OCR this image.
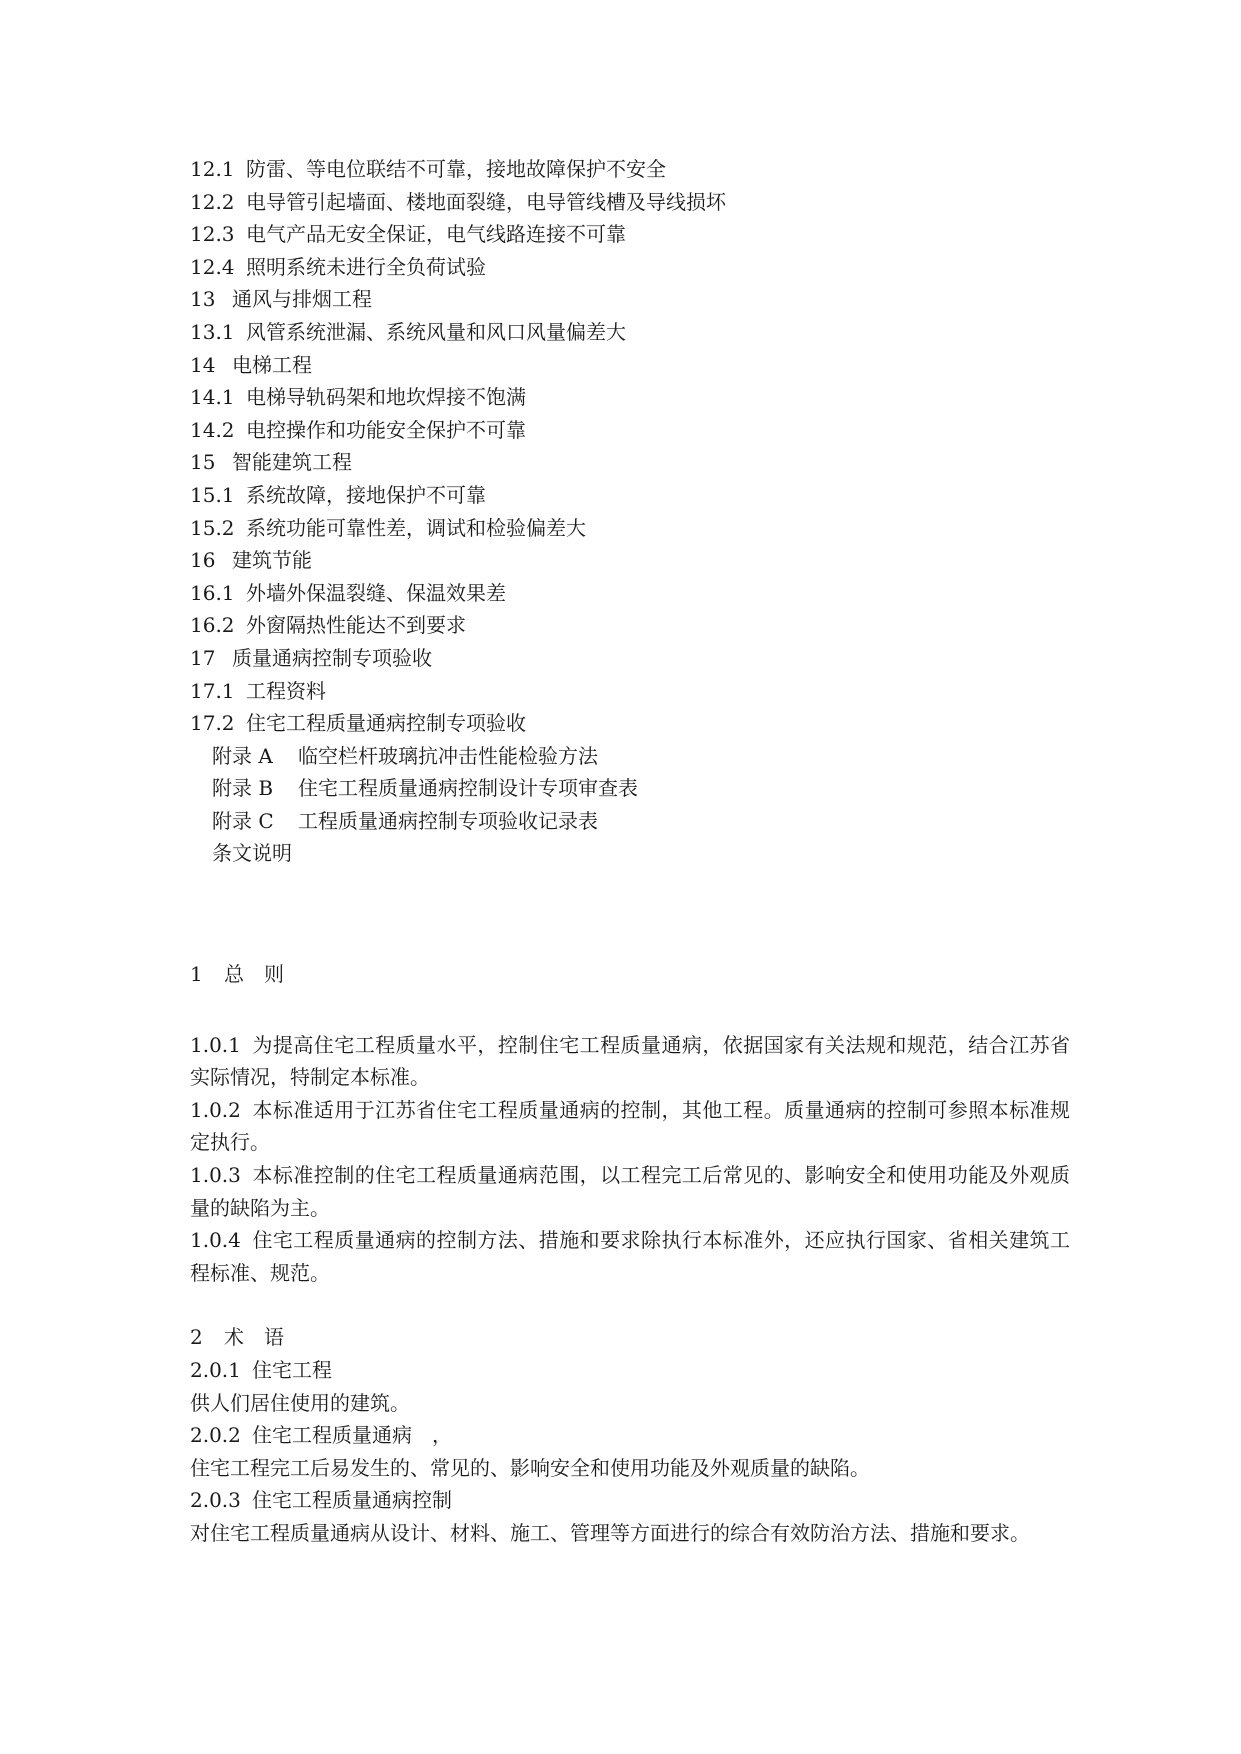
12.1 防雷、等电位联结不可靠，接地故障保护不安全
12.2 电导管引起墙面、楼地面裂缝，电导管线槽及导线损坏
12.3 电气产品无安全保证，电气线路连接不可靠
12.4 照明系统未进行全负荷试验
13 通风与排烟工程
13.1 风管系统泄漏、系统风量和风口风量偏差大
14 电梯工程
14.1 电梯导轨码架和地坎焊接不饱满
14.2 电控操作和功能安全保护不可靠
15 智能建筑工程
15.1 系统故障，接地保护不可靠
15.2 系统功能可靠性差，调试和检验偏差大
16 建筑节能
16.1 外墙外保温裂缝、保温效果差
16.2 外窗隔热性能达不到要求
17 质量通病控制专项验收
17.1 工程资料
17.2 住宅工程质量通病控制专项验收
附录 A 临空栏杆玻璃抗冲击性能检验方法
附录 B 住宅工程质量通病控制设计专项审查表
附录 C 工程质量通病控制专项验收记录表
条文说明
1 总　则

1.0.1 为提高住宅工程质量水平，控制住宅工程质量通病，依据国家有关法规和规范，结合江苏省实际情况，特制定本标准。

1.0.2 本标准适用于江苏省住宅工程质量通病的控制，其他工程。质量通病的控制可参照本标准规定执行。

1.0.3 本标准控制的住宅工程质量通病范围，以工程完工后常见的、影响安全和使用功能及外观质量的缺陷为主。

1.0.4 住宅工程质量通病的控制方法、措施和要求除执行本标准外，还应执行国家、省相关建筑工程标准、规范。

2 术　语
2.0.1 住宅工程

供人们居住使用的建筑。

2.0.2 住宅工程质量通病　，

住宅工程完工后易发生的、常见的、影响安全和使用功能及外观质量的缺陷。

2.0.3 住宅工程质量通病控制

对住宅工程质量通病从设计、材料、施工、管理等方面进行的综合有效防治方法、措施和要求。
